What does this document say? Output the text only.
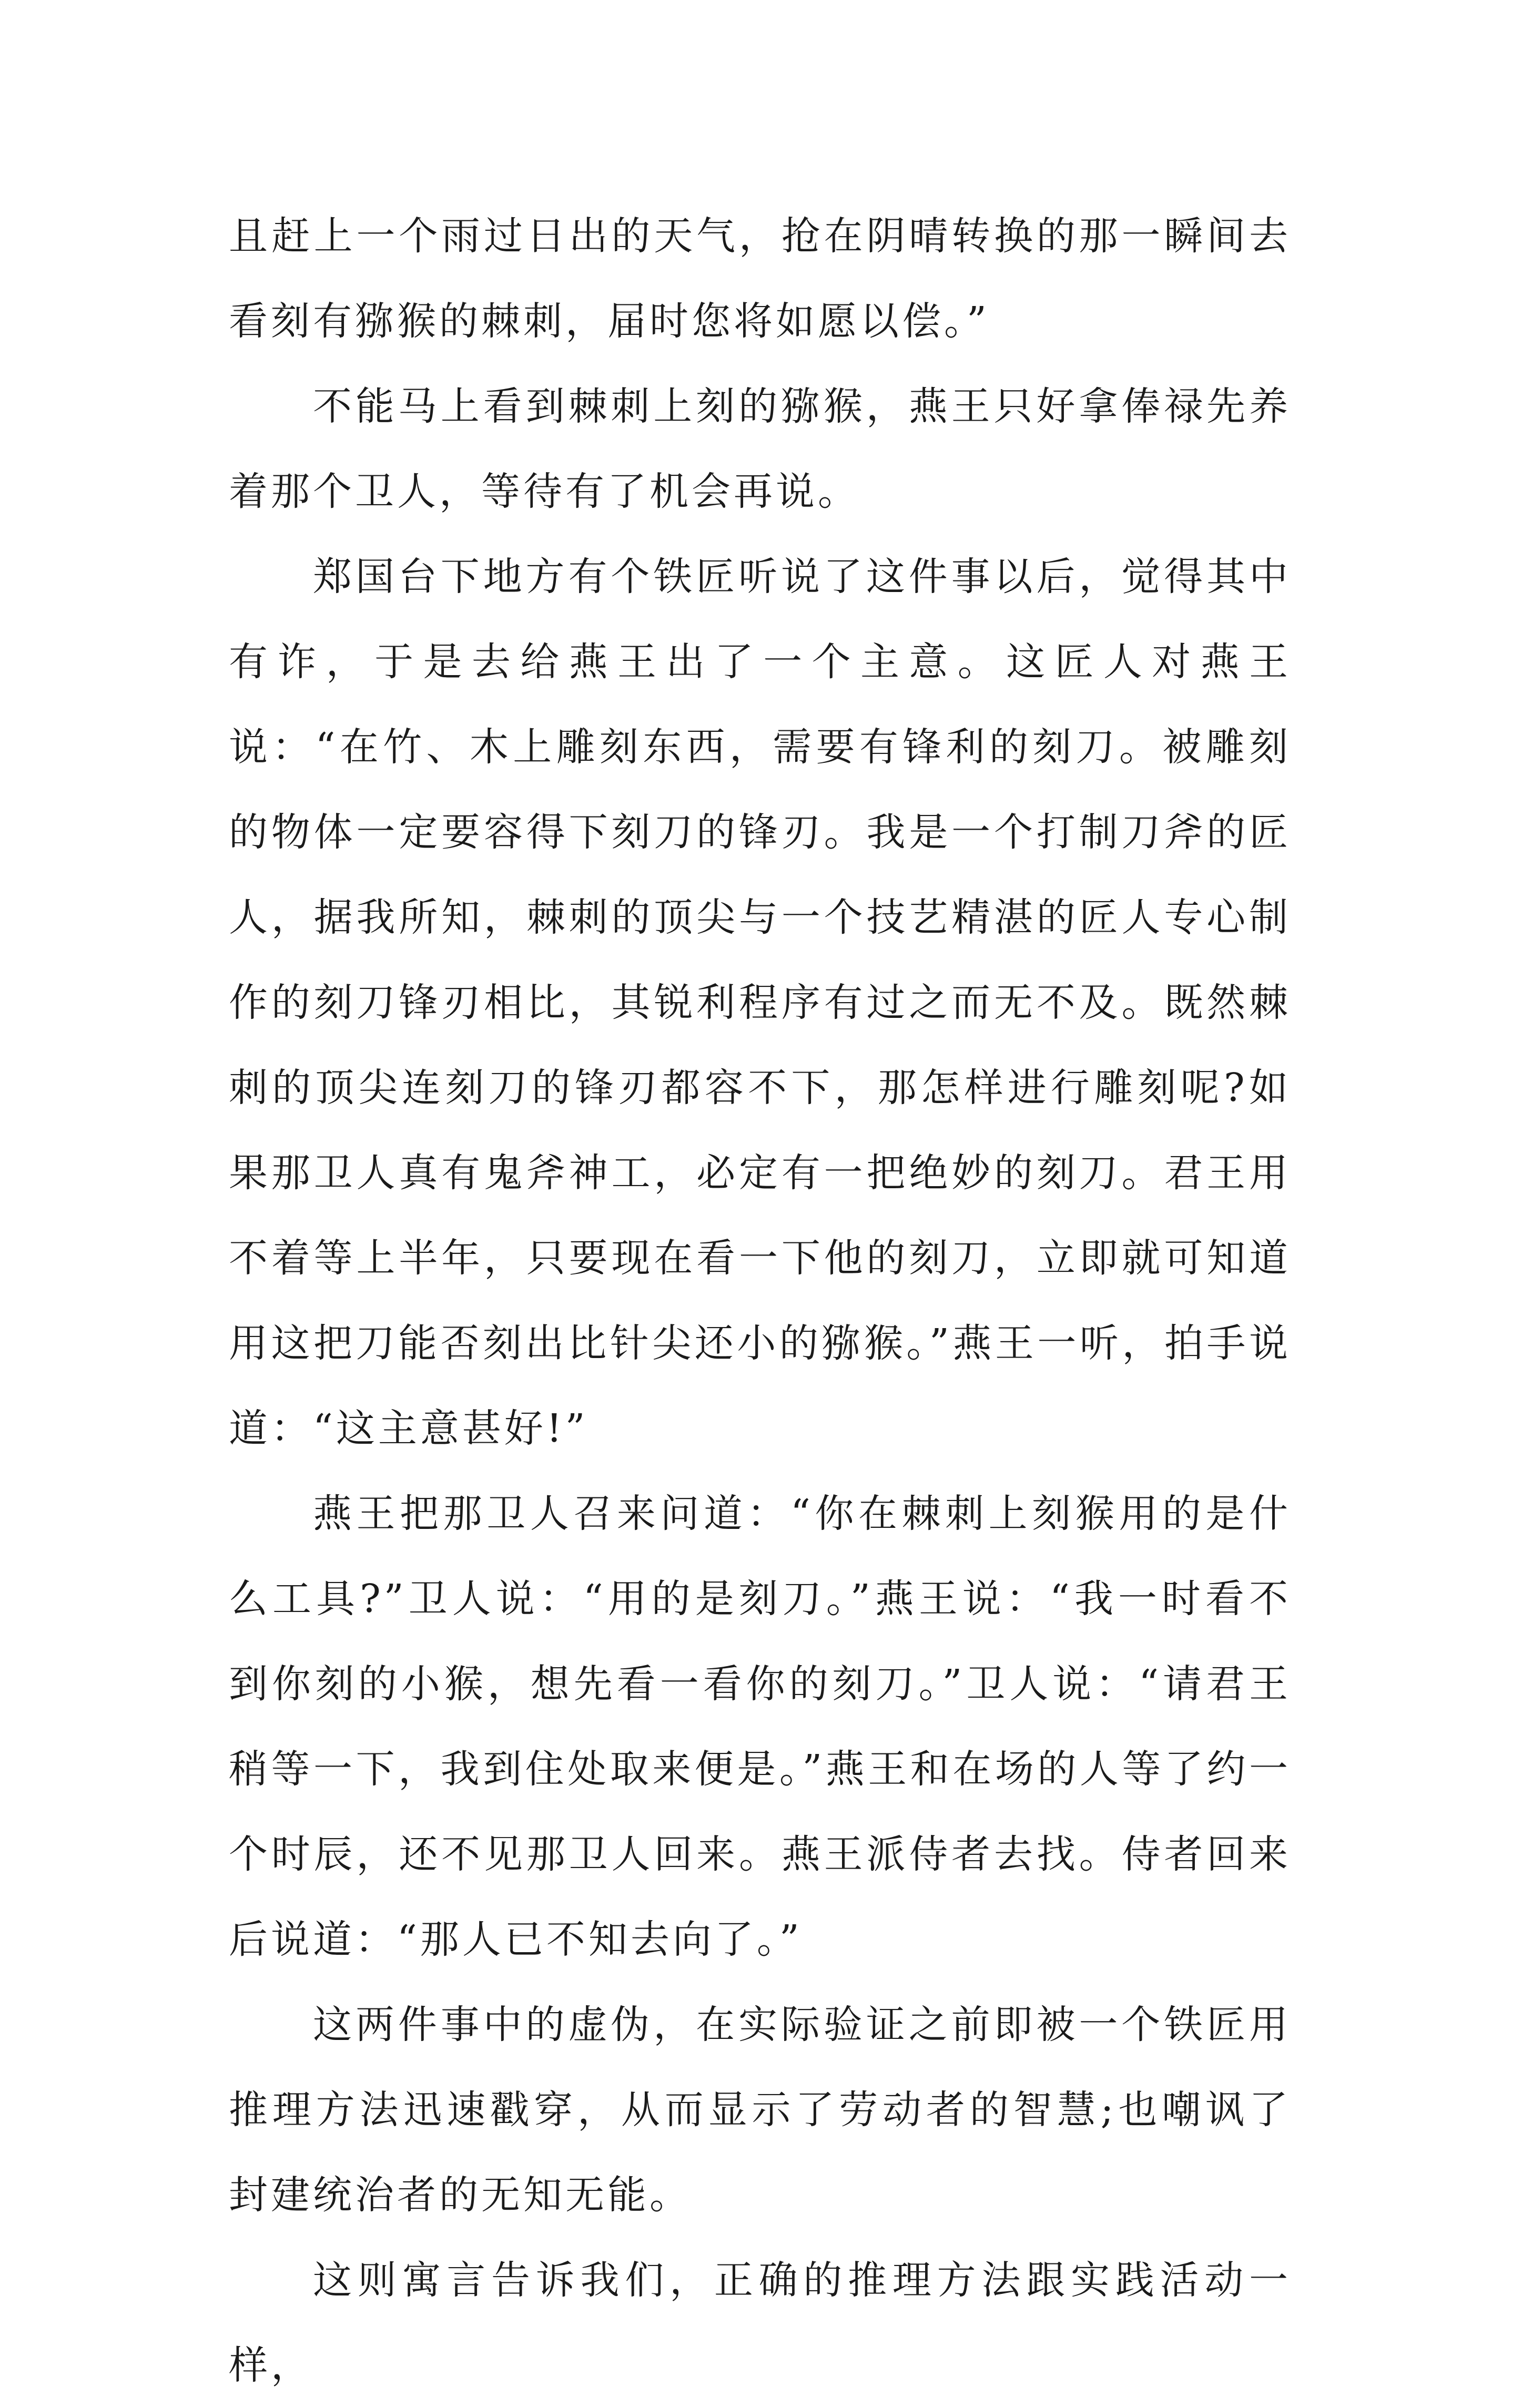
且赶上一个雨过日出的天气，抢在阴晴转换的那一瞬间去看刻有猕猴的棘刺，届时您将如愿以偿。”

不能马上看到棘刺上刻的猕猴，燕王只好拿俸禄先养着那个卫人，等待有了机会再说。

郑国台下地方有个铁匠听说了这件事以后，觉得其中有诈，于是去给燕王出了一个主意。这匠人对燕王说：“在竹、木上雕刻东西，需要有锋利的刻刀。被雕刻的物体一定要容得下刻刀的锋刃。我是一个打制刀斧的匠人，据我所知，棘刺的顶尖与一个技艺精湛的匠人专心制作的刻刀锋刃相比，其锐利程序有过之而无不及。既然棘刺的顶尖连刻刀的锋刃都容不下，那怎样进行雕刻呢?如果那卫人真有鬼斧神工，必定有一把绝妙的刻刀。君王用不着等上半年，只要现在看一下他的刻刀，立即就可知道用这把刀能否刻出比针尖还小的猕猴。”燕王一听，拍手说道：“这主意甚好!”

燕王把那卫人召来问道：“你在棘刺上刻猴用的是什么工具?”卫人说：“用的是刻刀。”燕王说：“我一时看不到你刻的小猴，想先看一看你的刻刀。”卫人说：“请君王稍等一下，我到住处取来便是。”燕王和在场的人等了约一个时辰，还不见那卫人回来。燕王派侍者去找。侍者回来后说道：“那人已不知去向了。”

这两件事中的虚伪，在实际验证之前即被一个铁匠用推理方法迅速戳穿，从而显示了劳动者的智慧;也嘲讽了封建统治者的无知无能。

这则寓言告诉我们，正确的推理方法跟实践活动一样，
